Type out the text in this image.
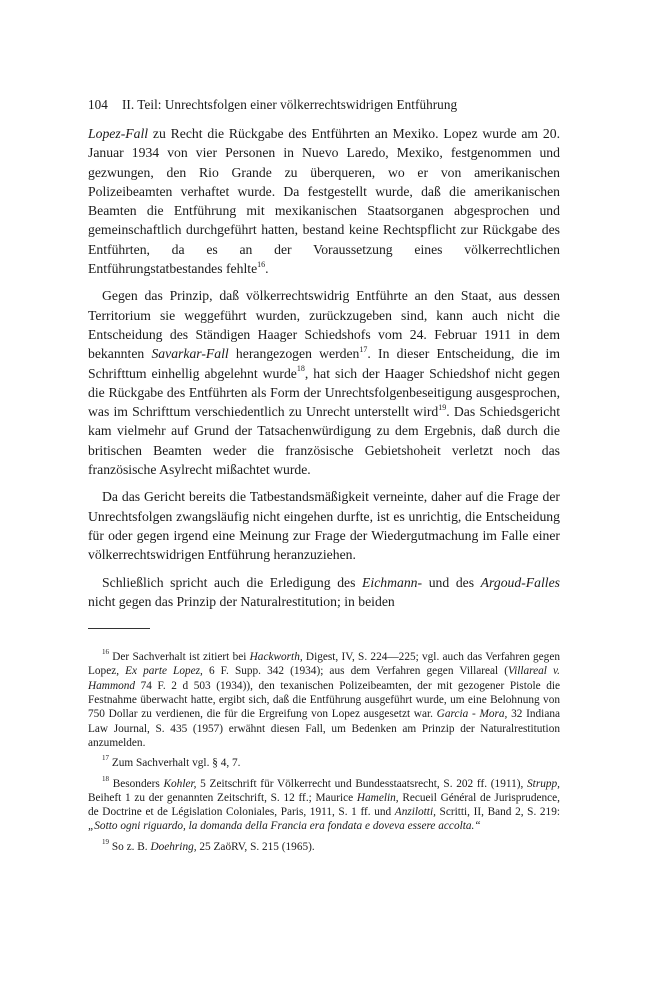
104 II. Teil: Unrechtsfolgen einer völkerrechtswidrigen Entführung

Lopez-Fall zu Recht die Rückgabe des Entführten an Mexiko. Lopez wurde am 20. Januar 1934 von vier Personen in Nuevo Laredo, Mexiko, festgenommen und gezwungen, den Rio Grande zu überqueren, wo er von amerikanischen Polizeibeamten verhaftet wurde. Da festgestellt wurde, daß die amerikanischen Beamten die Entführung mit mexikanischen Staatsorganen abgesprochen und gemeinschaftlich durchgeführt hatten, bestand keine Rechtspflicht zur Rückgabe des Entführten, da es an der Voraussetzung eines völkerrechtlichen Entführungstatbestandes fehlte$^{16}$.

Gegen das Prinzip, daß völkerrechtswidrig Entführte an den Staat, aus dessen Territorium sie weggeführt wurden, zurückzugeben sind, kann auch nicht die Entscheidung des Ständigen Haager Schiedshofs vom 24. Februar 1911 in dem bekannten Savarkar-Fall herangezogen werden$^{17}$. In dieser Entscheidung, die im Schrifttum einhellig abgelehnt wurde$^{18}$, hat sich der Haager Schiedshof nicht gegen die Rückgabe des Entführten als Form der Unrechtsfolgenbeseitigung ausgesprochen, was im Schrifttum verschiedentlich zu Unrecht unterstellt wird$^{19}$. Das Schiedsgericht kam vielmehr auf Grund der Tatsachenwürdigung zu dem Ergebnis, daß durch die britischen Beamten weder die französische Gebietshoheit verletzt noch das französische Asylrecht mißachtet wurde.

Da das Gericht bereits die Tatbestandsmäßigkeit verneinte, daher auf die Frage der Unrechtsfolgen zwangsläufig nicht eingehen durfte, ist es unrichtig, die Entscheidung für oder gegen irgend eine Meinung zur Frage der Wiedergutmachung im Falle einer völkerrechtswidrigen Entführung heranzuziehen.

Schließlich spricht auch die Erledigung des Eichmann- und des Argoud-Falles nicht gegen das Prinzip der Naturalrestitution; in beiden

$^{16}$ Der Sachverhalt ist zitiert bei Hackworth, Digest, IV, S. 224—225; vgl. auch das Verfahren gegen Lopez, Ex parte Lopez, 6 F. Supp. 342 (1934); aus dem Verfahren gegen Villareal (Villareal v. Hammond 74 F. 2 d 503 (1934)), den texanischen Polizeibeamten, der mit gezogener Pistole die Festnahme überwacht hatte, ergibt sich, daß die Entführung ausgeführt wurde, um eine Belohnung von 750 Dollar zu verdienen, die für die Ergreifung von Lopez ausgesetzt war. Garcia - Mora, 32 Indiana Law Journal, S. 435 (1957) erwähnt diesen Fall, um Bedenken am Prinzip der Naturalrestitution anzumelden.

$^{17}$ Zum Sachverhalt vgl. § 4, 7.

$^{18}$ Besonders Kohler, 5 Zeitschrift für Völkerrecht und Bundesstaatsrecht, S. 202 ff. (1911), Strupp, Beiheft 1 zu der genannten Zeitschrift, S. 12 ff.; Maurice Hamelin, Recueil Général de Jurisprudence, de Doctrine et de Législation Coloniales, Paris, 1911, S. 1 ff. und Anzilotti, Scritti, II, Band 2, S. 219: „Sotto ogni riguardo, la domanda della Francia era fondata e doveva essere accolta.“

$^{19}$ So z. B. Doehring, 25 ZaöRV, S. 215 (1965).
